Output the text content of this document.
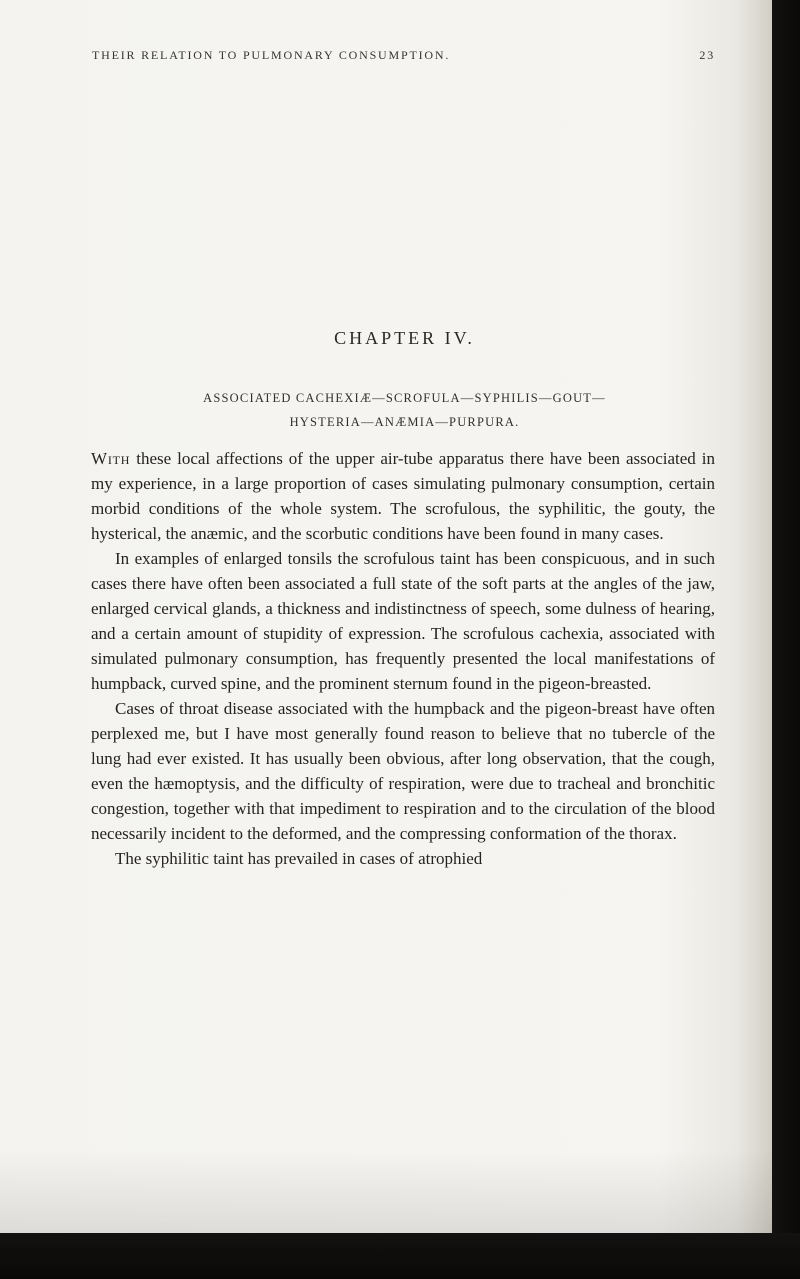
THEIR RELATION TO PULMONARY CONSUMPTION.	23
CHAPTER IV.
ASSOCIATED CACHEXIÆ—SCROFULA—SYPHILIS—GOUT—
HYSTERIA—ANÆMIA—PURPURA.

With these local affections of the upper air-tube apparatus there have been associated in my experience, in a large proportion of cases simulating pulmonary consumption, certain morbid conditions of the whole system. The scrofulous, the syphilitic, the gouty, the hysterical, the anæmic, and the scorbutic conditions have been found in many cases.

In examples of enlarged tonsils the scrofulous taint has been conspicuous, and in such cases there have often been associated a full state of the soft parts at the angles of the jaw, enlarged cervical glands, a thickness and indistinctness of speech, some dulness of hearing, and a certain amount of stupidity of expression. The scrofulous cachexia, associated with simulated pulmonary consumption, has frequently presented the local manifestations of humpback, curved spine, and the prominent sternum found in the pigeon-breasted.

Cases of throat disease associated with the humpback and the pigeon-breast have often perplexed me, but I have most generally found reason to believe that no tubercle of the lung had ever existed. It has usually been obvious, after long observation, that the cough, even the hæmoptysis, and the difficulty of respiration, were due to tracheal and bronchitic congestion, together with that impediment to respiration and to the circulation of the blood necessarily incident to the deformed, and the compressing conformation of the thorax.

The syphilitic taint has prevailed in cases of atrophied
